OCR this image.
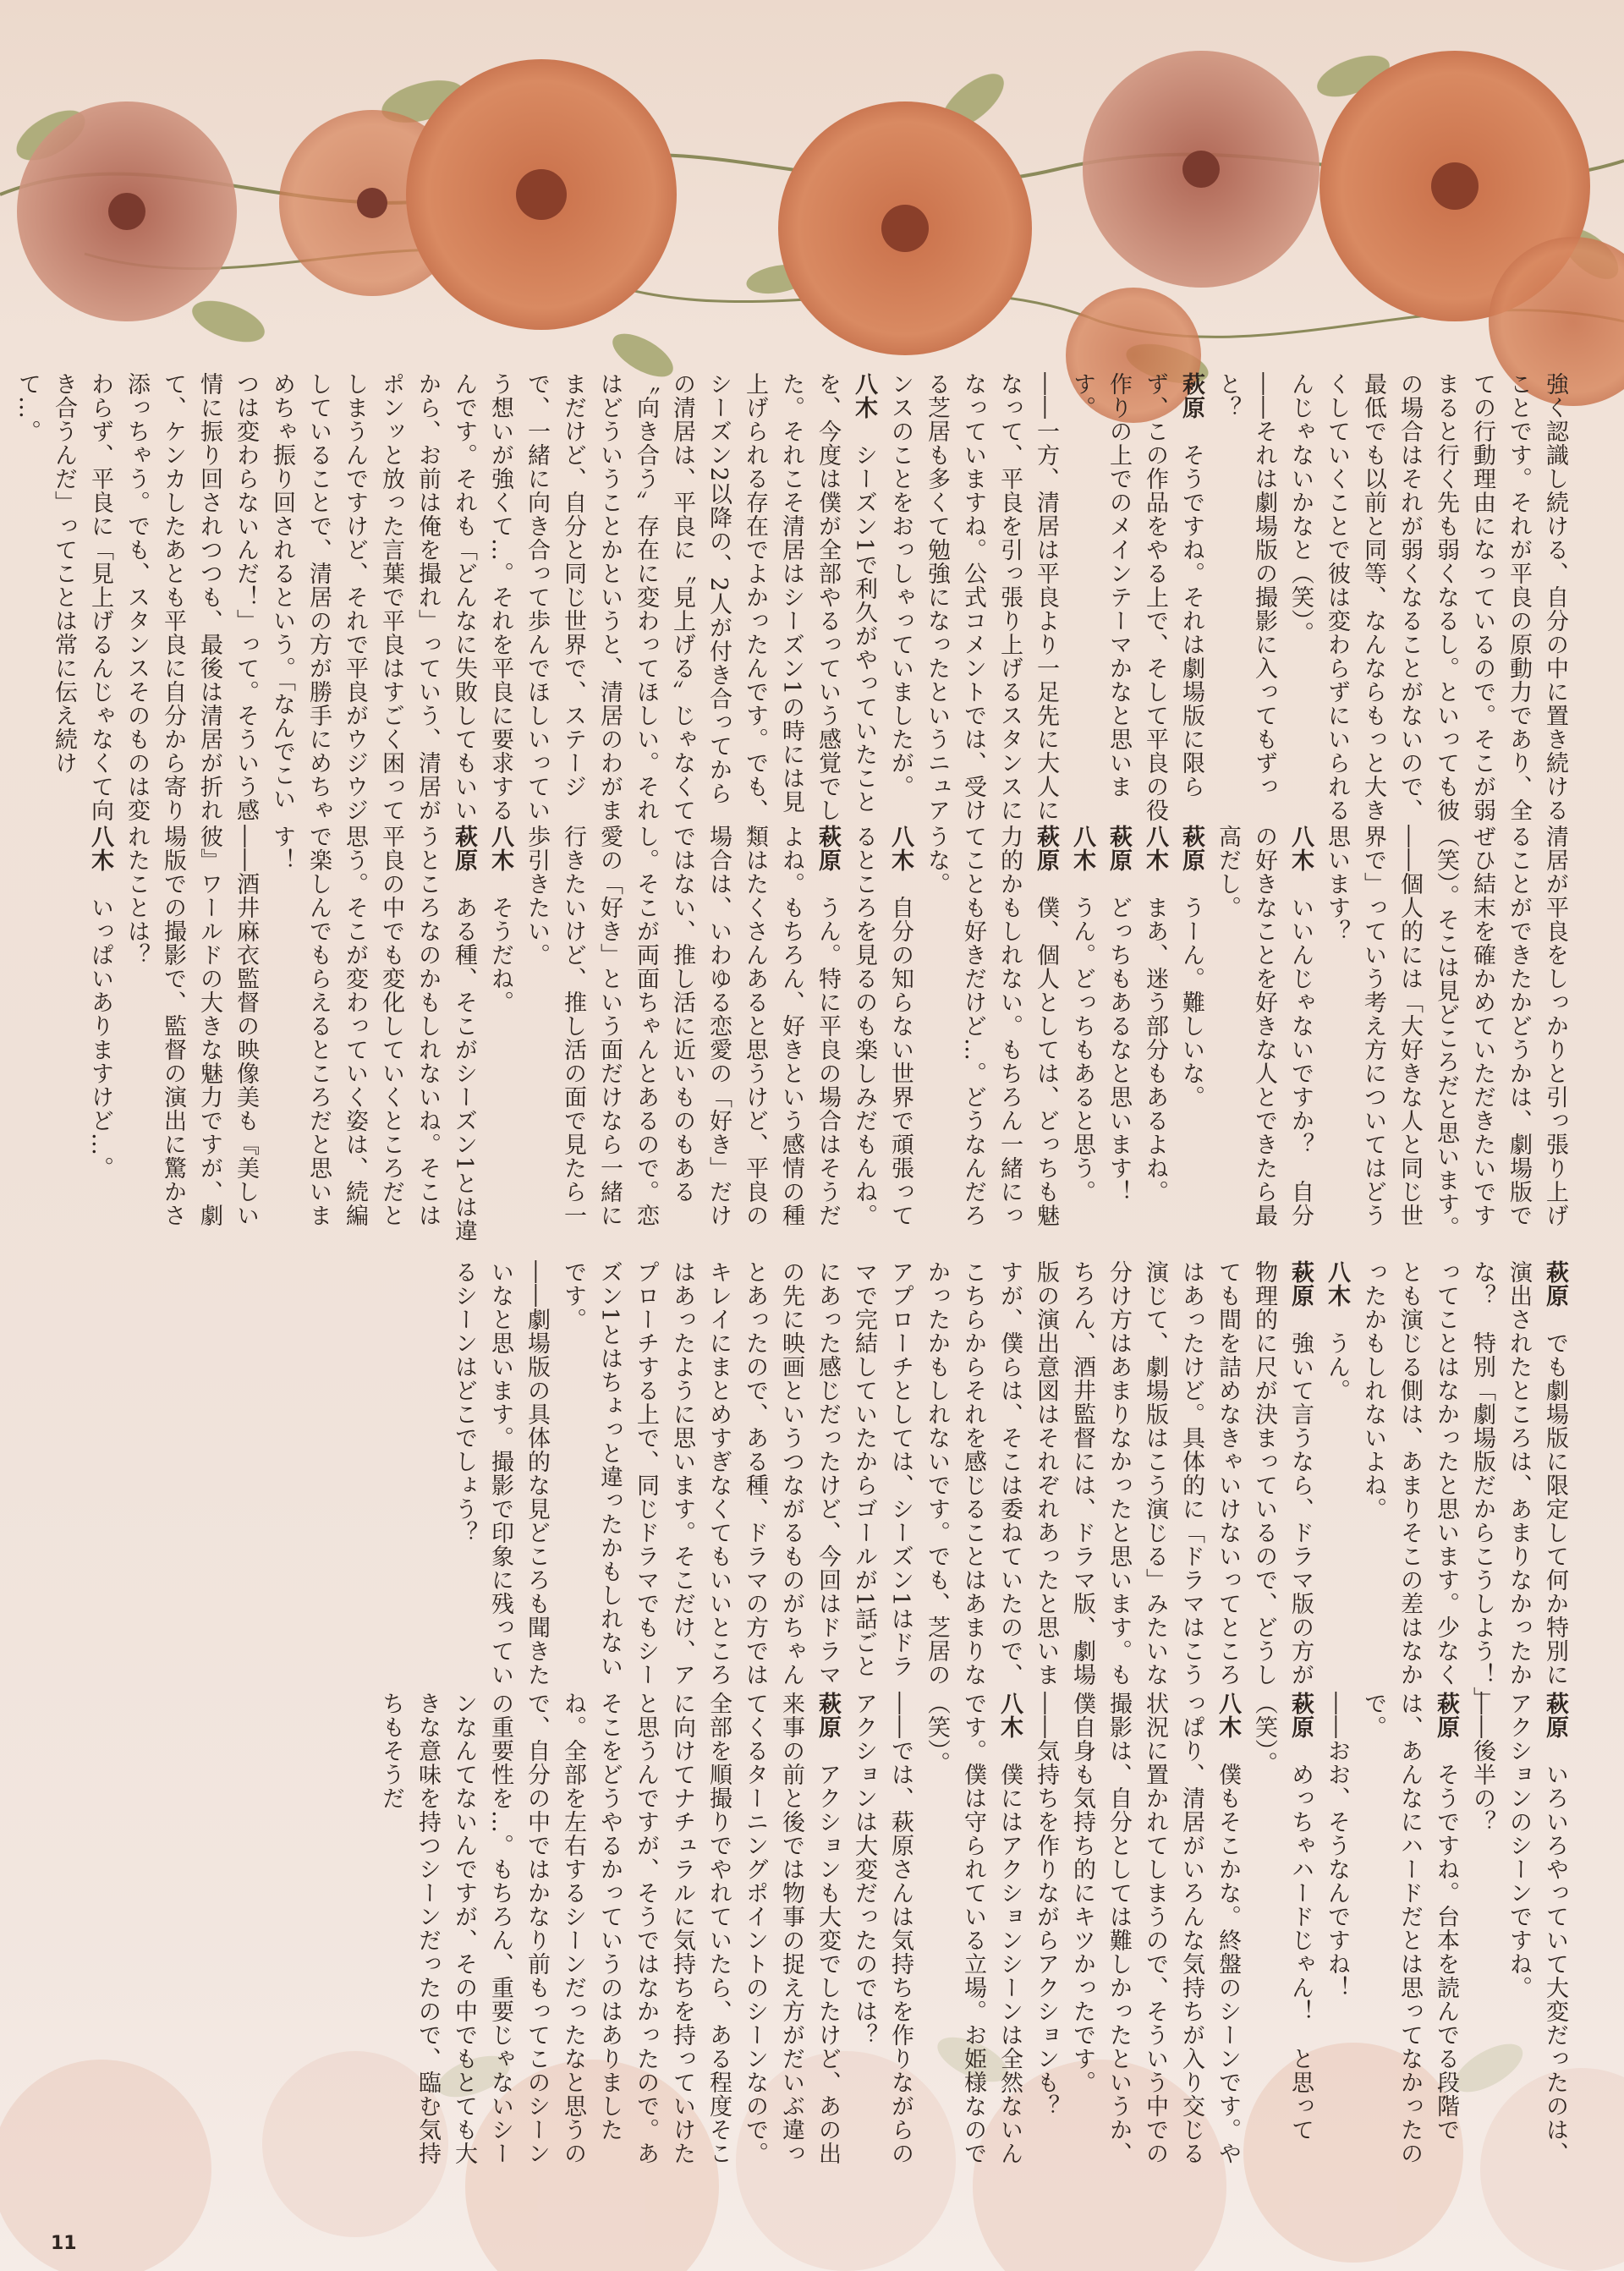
強く認識し続ける、自分の中に置き続けることです。それが平良の原動力であり、全ての行動理由になっているので。そこが弱まると行く先も弱くなるし。といっても彼の場合はそれが弱くなることがないので、最低でも以前と同等、なんならもっと大きくしていくことで彼は変わらずにいられるんじゃないかなと（笑）。
――それは劇場版の撮影に入ってもずっと？
萩原　そうですね。それは劇場版に限らず、この作品をやる上で、そして平良の役作りの上でのメインテーマかなと思います。
――一方、清居は平良より一足先に大人になって、平良を引っ張り上げるスタンスになっていますね。公式コメントでは、受ける芝居も多くて勉強になったというニュアンスのことをおっしゃっていましたが。
八木　シーズン1で利久がやっていたことを、今度は僕が全部やるっていう感覚でした。それこそ清居はシーズン1の時には見上げられる存在でよかったんです。でも、シーズン2以降の、2人が付き合ってからの清居は、平良に〝見上げる〟じゃなくて〝向き合う〟存在に変わってほしい。それはどういうことかというと、清居のわがままだけど、自分と同じ世界で、ステージで、一緒に向き合って歩んでほしいっていう想いが強くて…。それを平良に要求するんです。それも「どんなに失敗してもいいから、お前は俺を撮れ」っていう、清居がポンッと放った言葉で平良はすごく困ってしまうんですけど、それで平良がウジウジしていることで、清居の方が勝手にめちゃめちゃ振り回されるという。「なんでこいつは変わらないんだ！」って。そういう感情に振り回されつつも、最後は清居が折れて、ケンカしたあとも平良に自分から寄り添っちゃう。でも、スタンスそのものは変わらず、平良に「見上げるんじゃなくて向き合うんだ」ってことは常に伝え続けて…。
清居が平良をしっかりと引っ張り上げることができたかどうかは、劇場版でぜひ結末を確かめていただきたいです（笑）。そこは見どころだと思います。
――個人的には「大好きな人と同じ世界で」っていう考え方についてはどう思います？
八木　いいんじゃないですか？　自分の好きなことを好きな人とできたら最高だし。
萩原　うーん。難しいな。
八木　まあ、迷う部分もあるよね。
萩原　どっちもあるなと思います！
八木　うん。どっちもあると思う。
萩原　僕、個人としては、どっちも魅力的かもしれない。もちろん一緒にってことも好きだけど…。どうなんだろうな。
八木　自分の知らない世界で頑張ってるところを見るのも楽しみだもんね。
萩原　うん。特に平良の場合はそうだよね。もちろん、好きという感情の種類はたくさんあると思うけど、平良の場合は、いわゆる恋愛の「好き」だけではない、推し活に近いものもあるし。そこが両面ちゃんとあるので。恋愛の「好き」という面だけなら一緒に行きたいけど、推し活の面で見たら一歩引きたい。
八木　そうだね。
萩原　ある種、そこがシーズン1とは違うところなのかもしれないね。そこは平良の中でも変化していくところだと思う。そこが変わっていく姿は、続編で楽しんでもらえるところだと思います！
――酒井麻衣監督の映像美も『美しい彼』ワールドの大きな魅力ですが、劇場版での撮影で、監督の演出に驚かされたことは？
八木　いっぱいありますけど…。
萩原　でも劇場版に限定して何か特別に演出されたところは、あまりなかったかな？　特別「劇場版だからこうしよう！」ってことはなかったと思います。少なくとも演じる側は、あまりそこの差はなかったかもしれないよね。
八木　うん。
萩原　強いて言うなら、ドラマ版の方が物理的に尺が決まっているので、どうしても間を詰めなきゃいけないってところはあったけど。具体的に「ドラマはこう演じて、劇場版はこう演じる」みたいな分け方はあまりなかったと思います。もちろん、酒井監督には、ドラマ版、劇場版の演出意図はそれぞれあったと思いますが、僕らは、そこは委ねていたので、こちらからそれを感じることはあまりなかったかもしれないです。でも、芝居のアプローチとしては、シーズン1はドラマで完結していたからゴールが1話ごとにあった感じだったけど、今回はドラマの先に映画というつながるものがちゃんとあったので、ある種、ドラマの方ではキレイにまとめすぎなくてもいいところはあったように思います。そこだけ、アプローチする上で、同じドラマでもシーズン1とはちょっと違ったかもしれないです。
――劇場版の具体的な見どころも聞きたいなと思います。撮影で印象に残っているシーンはどこでしょう？
萩原　いろいろやっていて大変だったのは、アクションのシーンですね。
――後半の？
萩原　そうですね。台本を読んでる段階では、あんなにハードだとは思ってなかったので。
――おお、そうなんですね！
萩原　めっちゃハードじゃん！　と思って（笑）。
八木　僕もそこかな。終盤のシーンです。やっぱり、清居がいろんな気持ちが入り交じる状況に置かれてしまうので、そういう中での撮影は、自分としては難しかったというか、僕自身も気持ち的にキツかったです。
――気持ちを作りながらアクションも？
八木　僕にはアクションシーンは全然ないんです。僕は守られている立場。お姫様なので（笑）。
――では、萩原さんは気持ちを作りながらのアクションは大変だったのでは？
萩原　アクションも大変でしたけど、あの出来事の前と後では物事の捉え方がだいぶ違ってくるターニングポイントのシーンなので。全部を順撮りでやれていたら、ある程度そこに向けてナチュラルに気持ちを持っていけたと思うんですが、そうではなかったので。あそこをどうやるかっていうのはありましたね。全部を左右するシーンだったなと思うので、自分の中ではかなり前もってこのシーンの重要性を…。もちろん、重要じゃないシーンなんてないんですが、その中でもとても大きな意味を持つシーンだったので、臨む気持ちもそうだ
11
